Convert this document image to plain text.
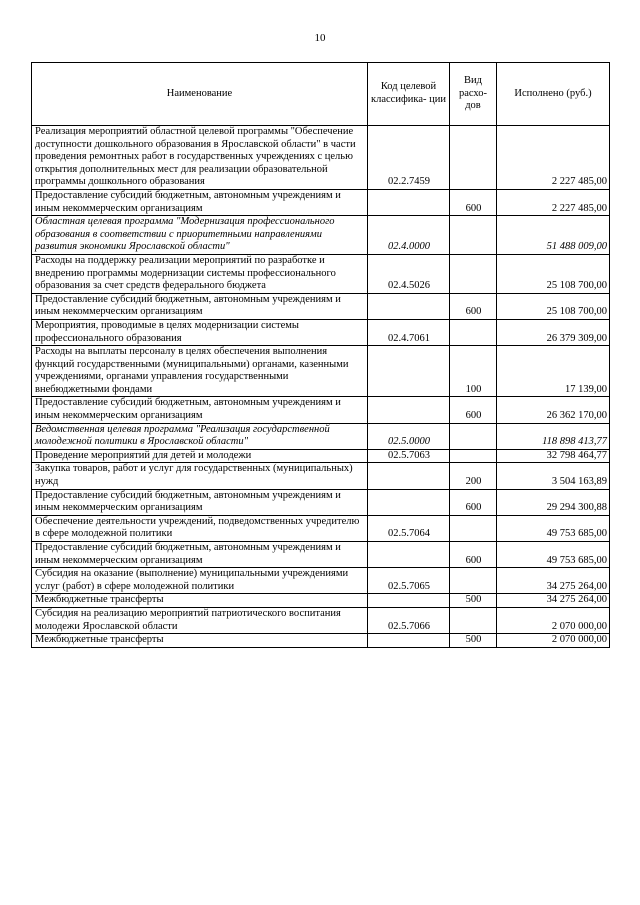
10
Наименование	Код целевой классифика- ции	Вид расхо- дов	Исполнено (руб.)
Реализация мероприятий областной целевой программы "Обеспечение доступности дошкольного образования в Ярославской области" в части проведения ремонтных работ в государственных учреждениях с целью открытия дополнительных мест для реализации образовательной программы дошкольного образования	02.2.7459		2 227 485,00
Предоставление субсидий бюджетным, автономным учреждениям и иным некоммерческим организациям		600	2 227 485,00
Областная целевая программа "Модернизация профессионального образования в соответствии с приоритетными направлениями развития экономики Ярославской области"	02.4.0000		51 488 009,00
Расходы на поддержку реализации мероприятий по разработке и внедрению программы модернизации системы профессионального образования за счет средств федерального бюджета	02.4.5026		25 108 700,00
Предоставление субсидий бюджетным, автономным учреждениям и иным некоммерческим организациям		600	25 108 700,00
Мероприятия, проводимые в целях модернизации системы профессионального образования	02.4.7061		26 379 309,00
Расходы на выплаты персоналу в целях обеспечения выполнения функций государственными (муниципальными) органами, казенными учреждениями, органами управления государственными внебюджетными фондами		100	17 139,00
Предоставление субсидий бюджетным, автономным учреждениям и иным некоммерческим организациям		600	26 362 170,00
Ведомственная целевая программа "Реализация государственной молодежной политики в Ярославской области"	02.5.0000		118 898 413,77
Проведение мероприятий для детей и молодежи	02.5.7063		32 798 464,77
Закупка товаров, работ и услуг для государственных (муниципальных) нужд		200	3 504 163,89
Предоставление субсидий бюджетным, автономным учреждениям и иным некоммерческим организациям		600	29 294 300,88
Обеспечение деятельности учреждений, подведомственных учредителю в сфере молодежной политики	02.5.7064		49 753 685,00
Предоставление субсидий бюджетным, автономным учреждениям и иным некоммерческим организациям		600	49 753 685,00
Субсидия на оказание (выполнение) муниципальными учреждениями услуг (работ) в сфере молодежной политики	02.5.7065		34 275 264,00
Межбюджетные трансферты		500	34 275 264,00
Субсидия на реализацию мероприятий патриотического воспитания молодежи Ярославской области	02.5.7066		2 070 000,00
Межбюджетные трансферты		500	2 070 000,00
